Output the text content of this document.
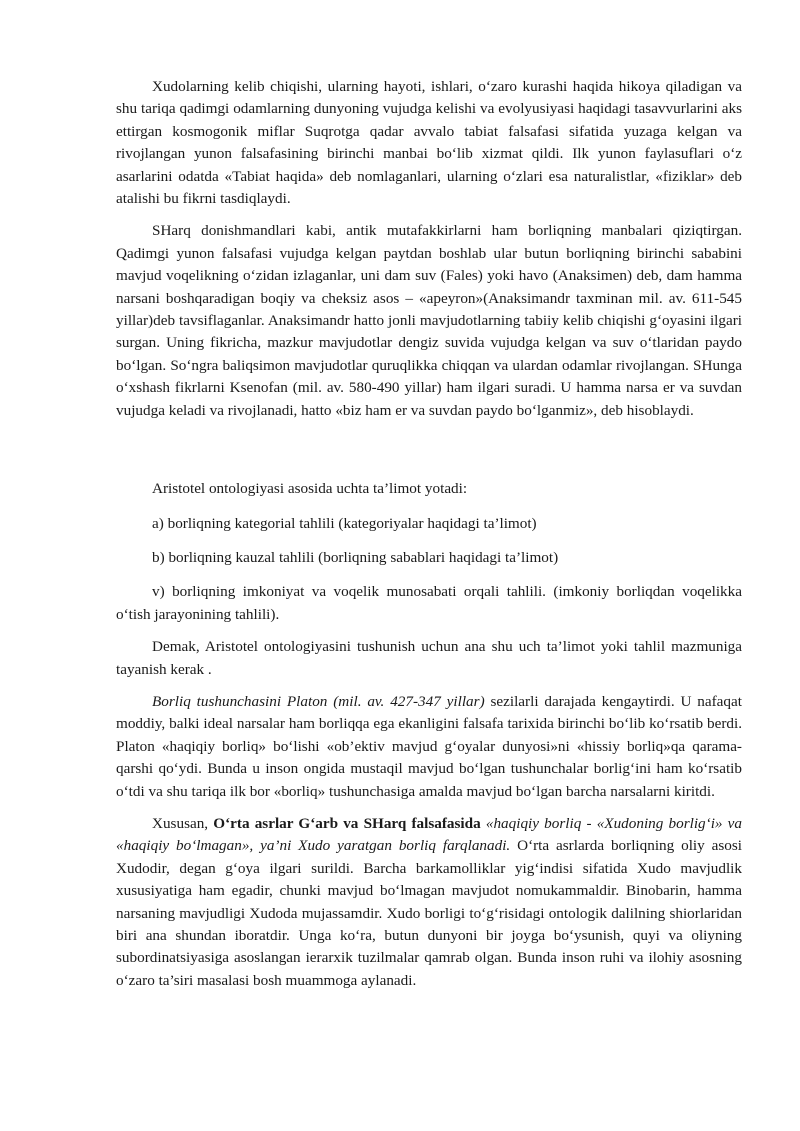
Xudolarning kelib chiqishi, ularning hayoti, ishlari, o‘zaro kurashi haqida hikoya qiladigan va shu tariqa qadimgi odamlarning dunyoning vujudga kelishi va evolyusiyasi haqidagi tasavvurlarini aks ettirgan kosmogonik miflar Suqrotga qadar avvalo tabiat falsafasi sifatida yuzaga kelgan va rivojlangan yunon falsafasining birinchi manbai bo‘lib xizmat qildi. Ilk yunon faylasuflari o‘z asarlarini odatda «Tabiat haqida» deb nomlaganlari, ularning o‘zlari esa naturalistlar, «fiziklar» deb atalishi bu fikrni tasdiqlaydi.

SHarq donishmandlari kabi, antik mutafakkirlarni ham borliqning manbalari qiziqtirgan. Qadimgi yunon falsafasi vujudga kelgan paytdan boshlab ular butun borliqning birinchi sababini mavjud voqelikning o‘zidan izlaganlar, uni dam suv (Fales) yoki havo (Anaksimen) deb, dam hamma narsani boshqaradigan boqiy va cheksiz asos – «apeyron»(Anaksimandr taxminan mil. av. 611-545 yillar)deb tavsiflaganlar. Anaksimandr hatto jonli mavjudotlarning tabiiy kelib chiqishi g‘oyasini ilgari surgan. Uning fikricha, mazkur mavjudotlar dengiz suvida vujudga kelgan va suv o‘tlaridan paydo bo‘lgan. So‘ngra baliqsimon mavjudotlar quruqlikka chiqqan va ulardan odamlar rivojlangan. SHunga o‘xshash fikrlarni Ksenofan (mil. av. 580-490 yillar) ham ilgari suradi. U hamma narsa er va suvdan vujudga keladi va rivojlanadi, hatto «biz ham er va suvdan paydo bo‘lganmiz», deb hisoblaydi.

Aristotel ontologiyasi asosida uchta ta’limot yotadi:

a) borliqning kategorial tahlili (kategoriyalar haqidagi ta’limot)

b) borliqning kauzal tahlili (borliqning sabablari haqidagi ta’limot)

v) borliqning imkoniyat va voqelik munosabati orqali tahlili. (imkoniy borliqdan voqelikka o‘tish jarayonining tahlili).

Demak, Aristotel ontologiyasini tushunish uchun ana shu uch ta’limot yoki tahlil mazmuniga tayanish kerak .

Borliq tushunchasini Platon (mil. av. 427-347 yillar) sezilarli darajada kengaytirdi. U nafaqat moddiy, balki ideal narsalar ham borliqqa ega ekanligini falsafa tarixida birinchi bo‘lib ko‘rsatib berdi. Platon «haqiqiy borliq» bo‘lishi «ob’ektiv mavjud g‘oyalar dunyosi»ni «hissiy borliq»qa qarama-qarshi qo‘ydi. Bunda u inson ongida mustaqil mavjud bo‘lgan tushunchalar borlig‘ini ham ko‘rsatib o‘tdi va shu tariqa ilk bor «borliq» tushunchasiga amalda mavjud bo‘lgan barcha narsalarni kiritdi.

Xususan, O‘rta asrlar G‘arb va SHarq falsafasida «haqiqiy borliq - «Xudoning borlig‘i» va «haqiqiy bo‘lmagan», ya’ni Xudo yaratgan borliq farqlanadi. O‘rta asrlarda borliqning oliy asosi Xudodir, degan g‘oya ilgari surildi. Barcha barkamolliklar yig‘indisi sifatida Xudo mavjudlik xususiyatiga ham egadir, chunki mavjud bo‘lmagan mavjudot nomukammaldir. Binobarin, hamma narsaning mavjudligi Xudoda mujassamdir. Xudo borligi to‘g‘risidagi ontologik dalilning shiorlaridan biri ana shundan iboratdir. Unga ko‘ra, butun dunyoni bir joyga bo‘ysunish, quyi va oliyning subordinatsiyasiga asoslangan ierarxik tuzilmalar qamrab olgan. Bunda inson ruhi va ilohiy asosning o‘zaro ta’siri masalasi bosh muammoga aylanadi.
